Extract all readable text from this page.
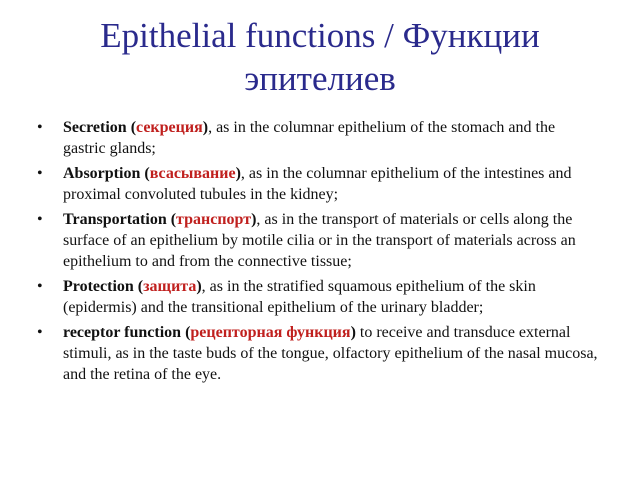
Epithelial functions / Функции
эпителиев
• Secretion (секреция), as in the columnar epithelium of the stomach and the gastric glands;
• Absorption (всасывание), as in the columnar epithelium of the intestines and proximal convoluted tubules in the kidney;
• Transportation (транспорт), as in the transport of materials or cells along the surface of an epithelium by motile cilia or in the transport of materials across an epithelium to and from the connective tissue;
• Protection (защита), as in the stratified squamous epithelium of the skin (epidermis) and the transitional epithelium of the urinary bladder;
• receptor function (рецепторная функция) to receive and transduce external stimuli, as in the taste buds of the tongue, olfactory epithelium of the nasal mucosa, and the retina of the eye.
